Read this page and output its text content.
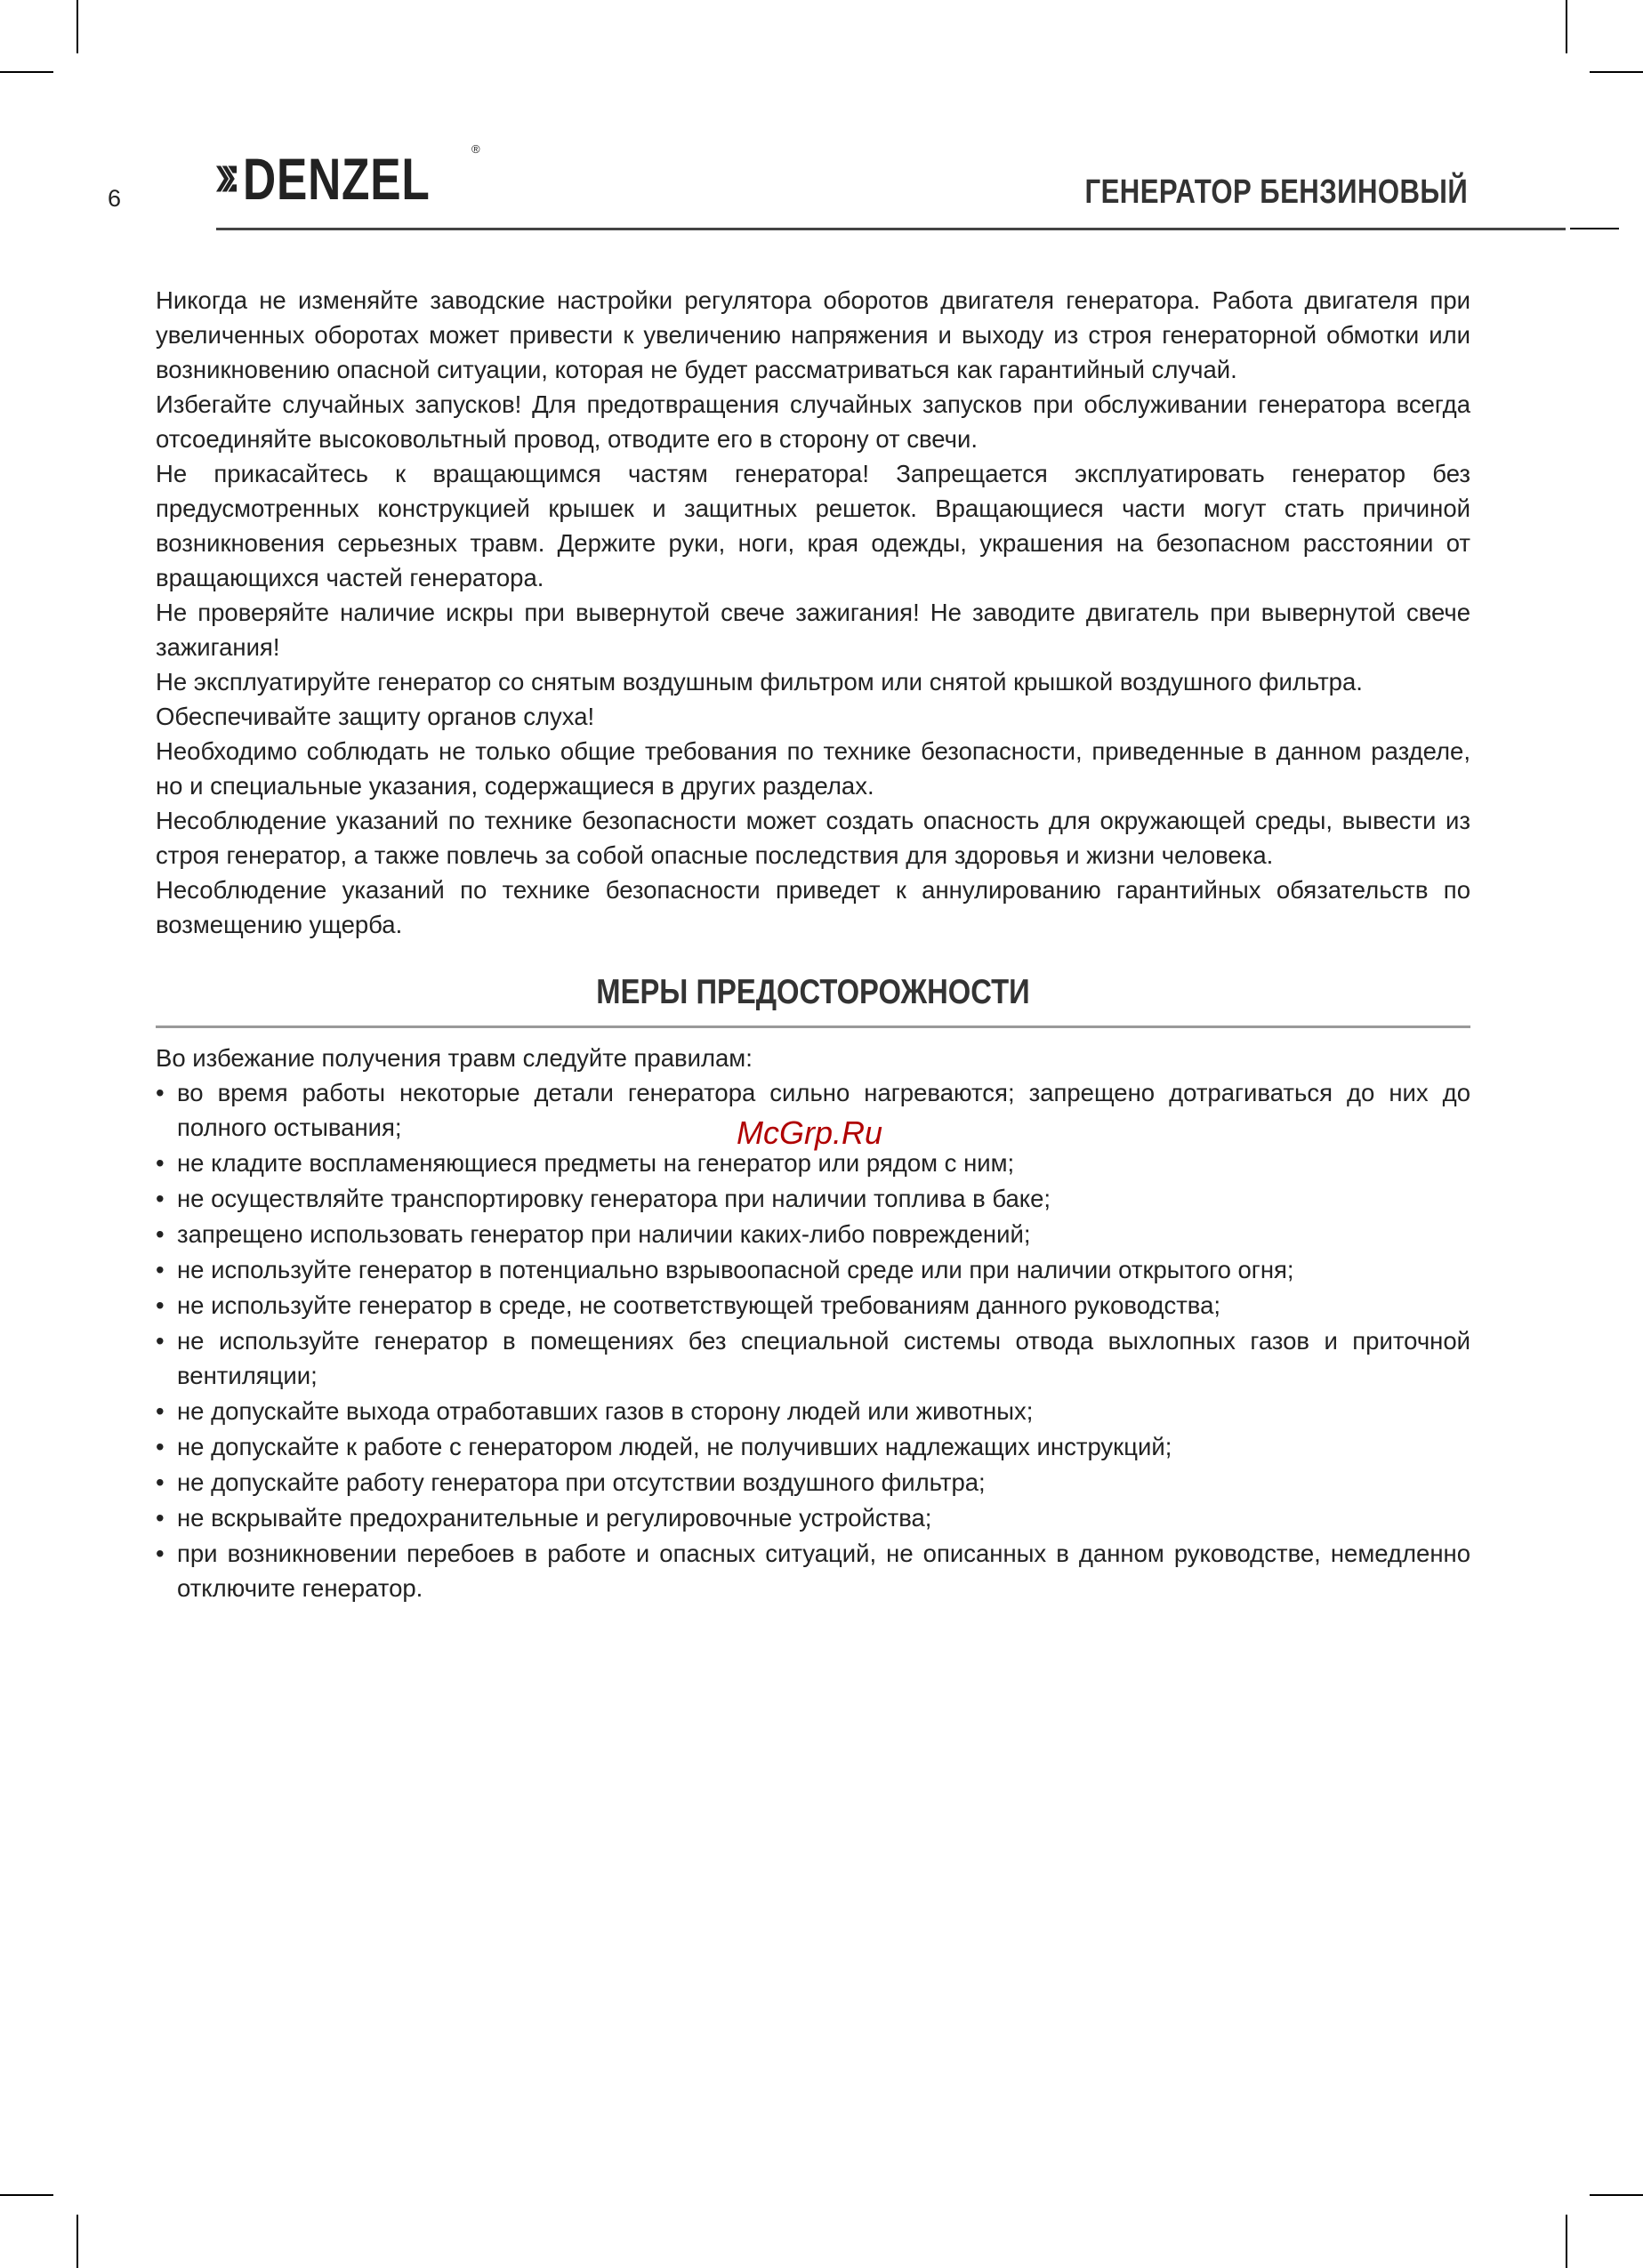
6 DENZEL	®
ГЕНЕРАТОР БЕНЗИНОВЫЙ

Никогда не изменяйте заводские настройки регулятора оборотов двигателя генератора. Работа двигателя при увеличенных оборотах может привести к увеличению напряжения и выходу из строя генераторной обмотки или возникновению опасной ситуации, которая не будет рассматриваться как гарантийный случай.

Избегайте случайных запусков! Для предотвращения случайных запусков при обслуживании генератора всегда отсоединяйте высоковольтный провод, отводите его в сторону от свечи.

Не прикасайтесь к вращающимся частям генератора! Запрещается эксплуатировать генератор без предусмотренных конструкцией крышек и защитных решеток. Вращающиеся части могут стать причиной возникновения серьезных травм. Держите руки, ноги, края одежды, украшения на безопасном расстоянии от вращающихся частей генератора.

Не проверяйте наличие искры при вывернутой свече зажигания! Не заводите двигатель при вывернутой свече зажигания!

Не эксплуатируйте генератор со снятым воздушным фильтром или снятой крышкой воздушного фильтра.

Обеспечивайте защиту органов слуха!

Необходимо соблюдать не только общие требования по технике безопасности, приведенные в данном разделе, но и специальные указания, содержащиеся в других разделах.

Несоблюдение указаний по технике безопасности может создать опасность для окружающей среды, вывести из строя генератор, а также повлечь за собой опасные последствия для здоровья и жизни человека.

Несоблюдение указаний по технике безопасности приведет к аннулированию гарантийных обязательств по возмещению ущерба.

МЕРЫ ПРЕДОСТОРОЖНОСТИ

Во избежание получения травм следуйте правилам:

• во время работы некоторые детали генератора сильно нагреваются; запрещено дотрагиваться до них до полного остывания;
• не кладите воспламеняющиеся предметы на генератор или рядом с ним;
• не осуществляйте транспортировку генератора при наличии топлива в баке;
• запрещено использовать генератор при наличии каких-либо повреждений;
• не используйте генератор в потенциально взрывоопасной среде или при наличии открытого огня;
• не используйте генератор в среде, не соответствующей требованиям данного руководства;
• не используйте генератор в помещениях без специальной системы отвода выхлопных газов и приточной вентиляции;
• не допускайте выхода отработавших газов в сторону людей или животных;
• не допускайте к работе с генератором людей, не получивших надлежащих инструкций;
• не допускайте работу генератора при отсутствии воздушного фильтра;
• не вскрывайте предохранительные и регулировочные устройства;
• при возникновении перебоев в работе и опасных ситуаций, не описанных в данном руководстве, немедленно отключите генератор.
McGrp.Ru
